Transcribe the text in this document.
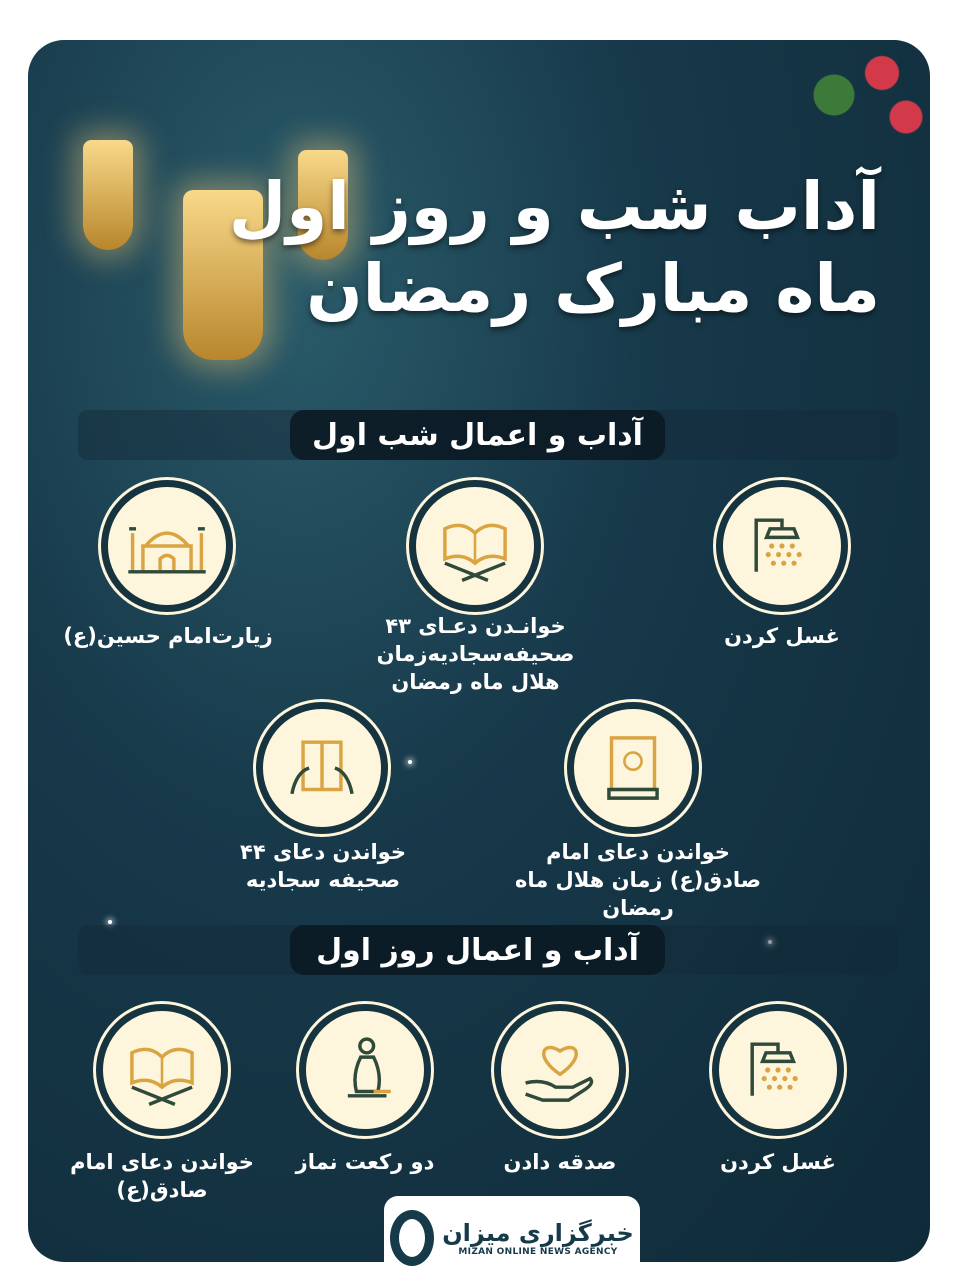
آداب شب و روز اول
ماه مبارک رمضان
آداب و اعمال شب اول
غسل کردن
خوانـدن دعـای ۴۳ صحیفه‌سجادیه‌زمان هلال ماه رمضان
زیارت‌امام حسین(ع)
خواندن دعای امام صادق(ع) زمان هلال ماه رمضان
خواندن دعای ۴۴ صحیفه سجادیه
آداب و اعمال روز اول
غسل کردن
صدقه دادن
دو رکعت نماز
خواندن دعای امام صادق(ع)
خبرگزاری میزان
MIZAN ONLINE NEWS AGENCY
